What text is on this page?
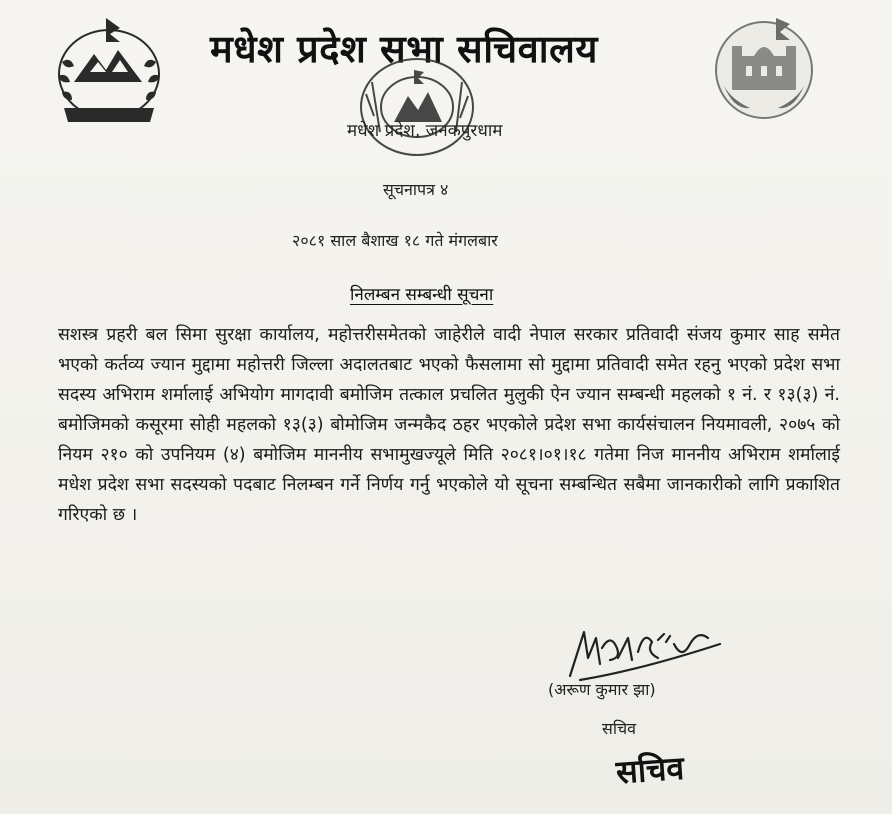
मधेश प्रदेश सभा सचिवालय
मधेश प्रदेश, जनकपुरधाम
सूचनापत्र ४
२०८१ साल बैशाख १८ गते मंगलबार
निलम्बन सम्बन्धी सूचना
सशस्त्र प्रहरी बल सिमा सुरक्षा कार्यालय, महोत्तरीसमेतको जाहेरीले वादी नेपाल सरकार प्रतिवादी संजय कुमार साह समेत भएको कर्तव्य ज्यान मुद्दामा महोत्तरी जिल्ला अदालतबाट भएको फैसलामा सो मुद्दामा प्रतिवादी समेत रहनु भएको प्रदेश सभा सदस्य अभिराम शर्मालाई अभियोग मागदावी बमोजिम तत्काल प्रचलित मुलुकी ऐन ज्यान सम्बन्धी महलको १ नं. र १३(३) नं. बमोजिमको कसूरमा सोही महलको १३(३) बोमोजिम जन्मकैद ठहर भएकोले प्रदेश सभा कार्यसंचालन नियमावली, २०७५ को नियम २१० को उपनियम (४) बमोजिम माननीय सभामुखज्यूले मिति २०८१।०१।१८ गतेमा निज माननीय अभिराम शर्मालाई मधेश प्रदेश सभा सदस्यको पदबाट निलम्बन गर्ने निर्णय गर्नु भएकोले यो सूचना सम्बन्धित सबैमा जानकारीको लागि प्रकाशित गरिएको छ ।
(अरूण कुमार झा)
सचिव
सचिव
